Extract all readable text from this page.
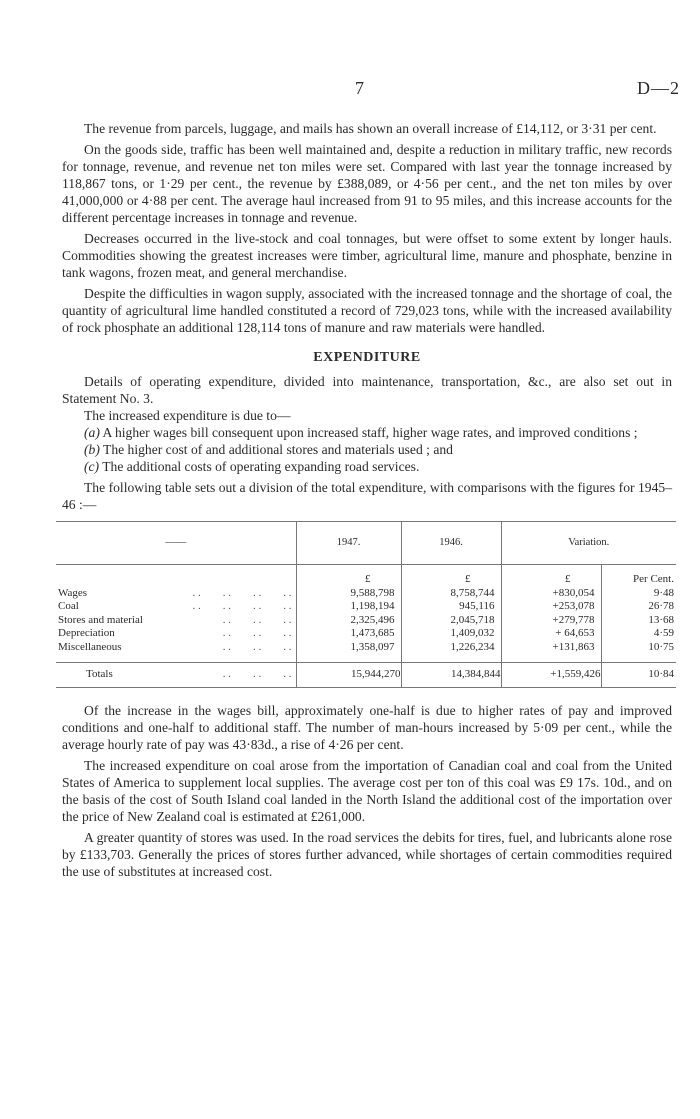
7	D—2

The revenue from parcels, luggage, and mails has shown an overall increase of £14,112, or 3·31 per cent.

On the goods side, traffic has been well maintained and, despite a reduction in military traffic, new records for tonnage, revenue, and revenue net ton miles were set. Compared with last year the tonnage increased by 118,867 tons, or 1·29 per cent., the revenue by £388,089, or 4·56 per cent., and the net ton miles by over 41,000,000 or 4·88 per cent. The average haul increased from 91 to 95 miles, and this increase accounts for the different percentage increases in tonnage and revenue.

Decreases occurred in the live-stock and coal tonnages, but were offset to some extent by longer hauls. Commodities showing the greatest increases were timber, agricultural lime, manure and phosphate, benzine in tank wagons, frozen meat, and general merchandise.

Despite the difficulties in wagon supply, associated with the increased tonnage and the shortage of coal, the quantity of agricultural lime handled constituted a record of 729,023 tons, while with the increased availability of rock phosphate an additional 128,114 tons of manure and raw materials were handled.

EXPENDITURE

Details of operating expenditure, divided into maintenance, transportation, &c., are also set out in Statement No. 3.

The increased expenditure is due to—

(a) A higher wages bill consequent upon increased staff, higher wage rates, and improved conditions ;
(b) The higher cost of and additional stores and materials used ; and
(c) The additional costs of operating expanding road services.

The following table sets out a division of the total expenditure, with comparisons with the figures for 1945–46 :—

——	1947.	1946.	Variation.	
	£	£	£	Per Cent.
Wages . .        . .        . .        . .	9,588,798	8,758,744	+830,054	9·48
Coal . .        . .        . .        . .	1,198,194	945,116	+253,078	26·78
Stores and material . .        . .        . .	2,325,496	2,045,718	+279,778	13·68
Depreciation . .        . .        . .	1,473,685	1,409,032	+ 64,653	4·59
Miscellaneous . .        . .        . .	1,358,097	1,226,234	+131,863	10·75
Totals . .        . .        . .	15,944,270	14,384,844	+1,559,426	10·84

Of the increase in the wages bill, approximately one-half is due to higher rates of pay and improved conditions and one-half to additional staff. The number of man-hours increased by 5·09 per cent., while the average hourly rate of pay was 43·83d., a rise of 4·26 per cent.

The increased expenditure on coal arose from the importation of Canadian coal and coal from the United States of America to supplement local supplies. The average cost per ton of this coal was £9 17s. 10d., and on the basis of the cost of South Island coal landed in the North Island the additional cost of the importation over the price of New Zealand coal is estimated at £261,000.

A greater quantity of stores was used. In the road services the debits for tires, fuel, and lubricants alone rose by £133,703. Generally the prices of stores further advanced, while shortages of certain commodities required the use of substitutes at increased cost.
